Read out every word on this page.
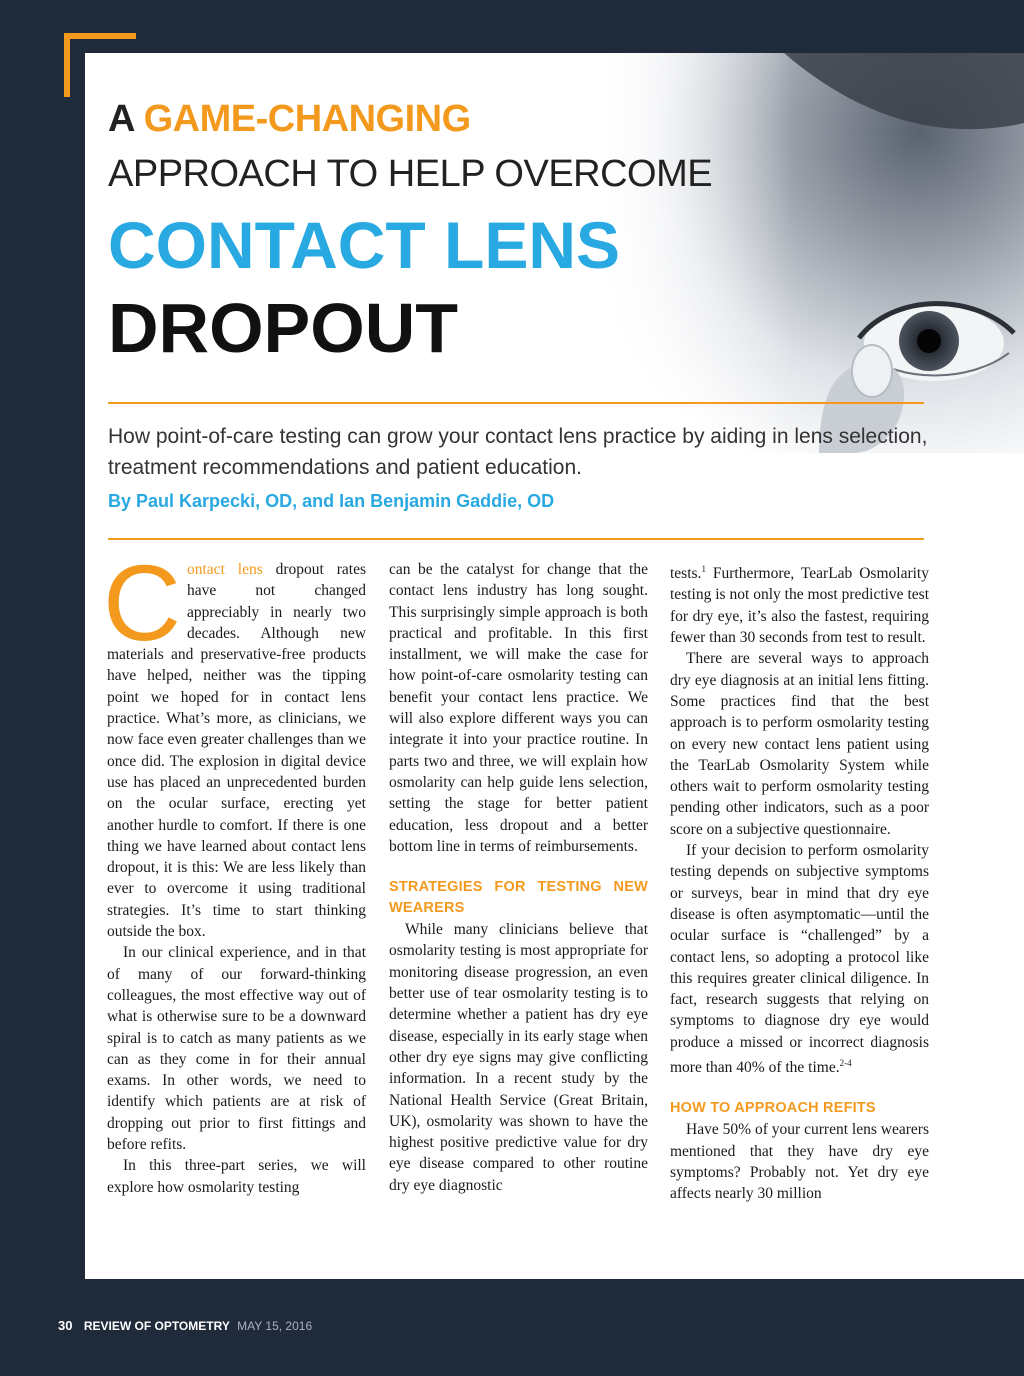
A GAME-CHANGING
APPROACH TO HELP OVERCOME
CONTACT LENS
DROPOUT
How point-of-care testing can grow your contact lens practice by aiding in lens selection, treatment recommendations and patient education.
By Paul Karpecki, OD, and Ian Benjamin Gaddie, OD

Contact lens dropout rates have not changed appreciably in nearly two decades. Although new materials and preservative-free products have helped, neither was the tipping point we hoped for in contact lens practice. What’s more, as clinicians, we now face even greater challenges than we once did. The explosion in digital device use has placed an unprecedented burden on the ocular surface, erecting yet another hurdle to comfort. If there is one thing we have learned about contact lens dropout, it is this: We are less likely than ever to overcome it using traditional strategies. It’s time to start thinking outside the box.

In our clinical experience, and in that of many of our forward-thinking colleagues, the most effective way out of what is otherwise sure to be a downward spiral is to catch as many patients as we can as they come in for their annual exams. In other words, we need to identify which patients are at risk of dropping out prior to first fittings and before refits.

In this three-part series, we will explore how osmolarity testing

can be the catalyst for change that the contact lens industry has long sought. This surprisingly simple approach is both practical and profitable. In this first installment, we will make the case for how point-of-care osmolarity testing can benefit your contact lens practice. We will also explore different ways you can integrate it into your practice routine. In parts two and three, we will explain how osmolarity can help guide lens selection, setting the stage for better patient education, less dropout and a better bottom line in terms of reimbursements.

STRATEGIES FOR TESTING NEW WEARERS

While many clinicians believe that osmolarity testing is most appropriate for monitoring disease progression, an even better use of tear osmolarity testing is to determine whether a patient has dry eye disease, especially in its early stage when other dry eye signs may give conflicting information. In a recent study by the National Health Service (Great Britain, UK), osmolarity was shown to have the highest positive predictive value for dry eye disease compared to other routine dry eye diagnostic

tests.$^1$ Furthermore, TearLab Osmolarity testing is not only the most predictive test for dry eye, it’s also the fastest, requiring fewer than 30 seconds from test to result.

There are several ways to approach dry eye diagnosis at an initial lens fitting. Some practices find that the best approach is to perform osmolarity testing on every new contact lens patient using the TearLab Osmolarity System while others wait to perform osmolarity testing pending other indicators, such as a poor score on a subjective questionnaire.

If your decision to perform osmolarity testing depends on subjective symptoms or surveys, bear in mind that dry eye disease is often asymptomatic—until the ocular surface is “challenged” by a contact lens, so adopting a protocol like this requires greater clinical diligence. In fact, research suggests that relying on symptoms to diagnose dry eye would produce a missed or incorrect diagnosis more than 40% of the time.$^{2-4}$

HOW TO APPROACH REFITS

Have 50% of your current lens wearers mentioned that they have dry eye symptoms? Probably not. Yet dry eye affects nearly 30 million

30 REVIEW OF OPTOMETRY MAY 15, 2016
